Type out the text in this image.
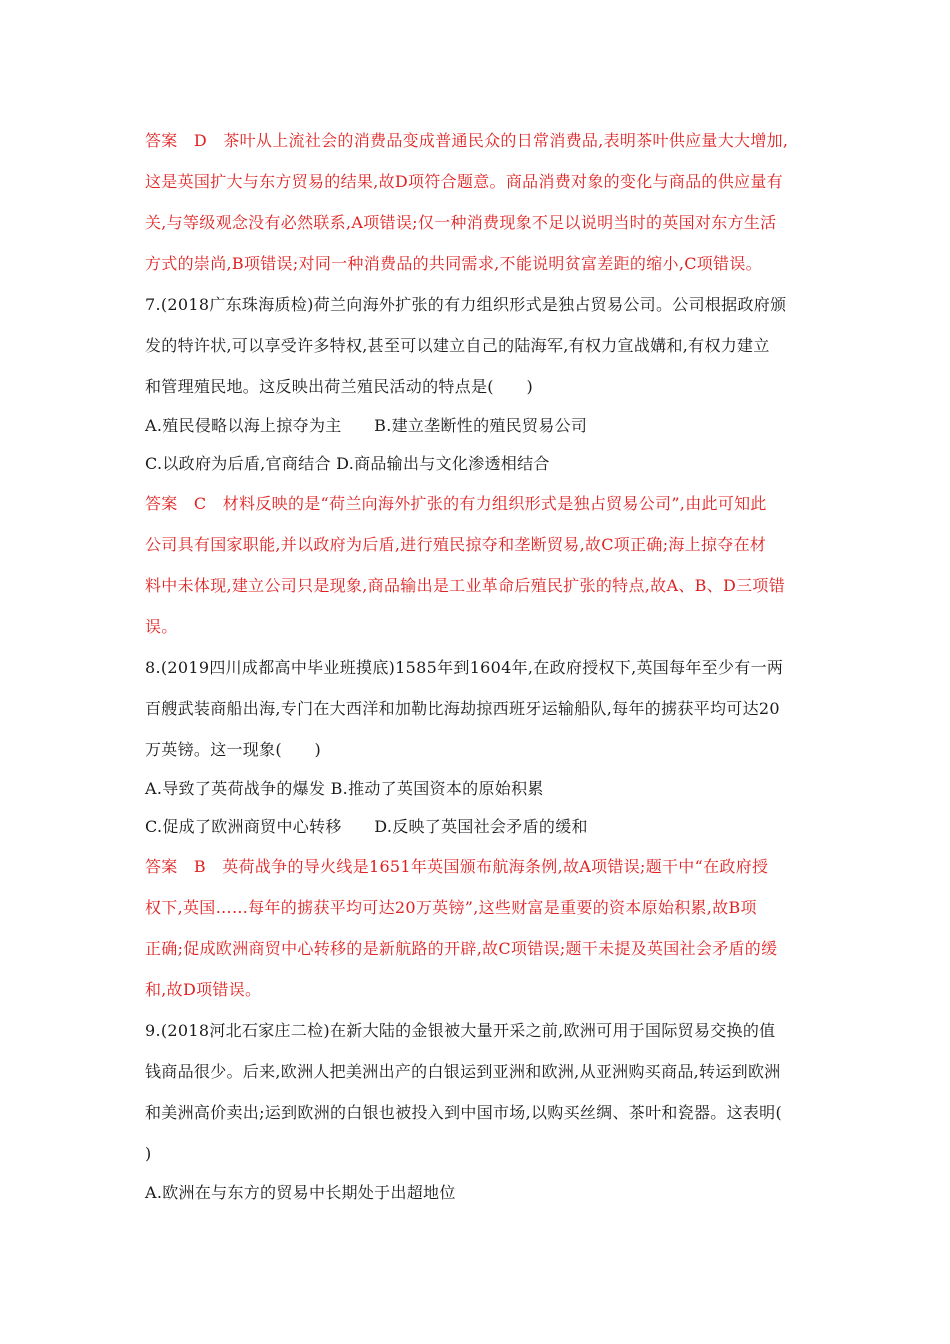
答案　D　茶叶从上流社会的消费品变成普通民众的日常消费品,表明茶叶供应量大大增加,
这是英国扩大与东方贸易的结果,故D项符合题意。商品消费对象的变化与商品的供应量有
关,与等级观念没有必然联系,A项错误;仅一种消费现象不足以说明当时的英国对东方生活
方式的崇尚,B项错误;对同一种消费品的共同需求,不能说明贫富差距的缩小,C项错误。
7.(2018广东珠海质检)荷兰向海外扩张的有力组织形式是独占贸易公司。公司根据政府颁
发的特许状,可以享受许多特权,甚至可以建立自己的陆海军,有权力宣战媾和,有权力建立
和管理殖民地。这反映出荷兰殖民活动的特点是(　　)
A.殖民侵略以海上掠夺为主　　B.建立垄断性的殖民贸易公司
C.以政府为后盾,官商结合 D.商品输出与文化渗透相结合
答案　C　材料反映的是“荷兰向海外扩张的有力组织形式是独占贸易公司”,由此可知此
公司具有国家职能,并以政府为后盾,进行殖民掠夺和垄断贸易,故C项正确;海上掠夺在材
料中未体现,建立公司只是现象,商品输出是工业革命后殖民扩张的特点,故A、B、D三项错
误。
8.(2019四川成都高中毕业班摸底)1585年到1604年,在政府授权下,英国每年至少有一两
百艘武装商船出海,专门在大西洋和加勒比海劫掠西班牙运输船队,每年的掳获平均可达20
万英镑。这一现象(　　)
A.导致了英荷战争的爆发 B.推动了英国资本的原始积累
C.促成了欧洲商贸中心转移　　D.反映了英国社会矛盾的缓和
答案　B　英荷战争的导火线是1651年英国颁布航海条例,故A项错误;题干中“在政府授
权下,英国……每年的掳获平均可达20万英镑”,这些财富是重要的资本原始积累,故B项
正确;促成欧洲商贸中心转移的是新航路的开辟,故C项错误;题干未提及英国社会矛盾的缓
和,故D项错误。
9.(2018河北石家庄二检)在新大陆的金银被大量开采之前,欧洲可用于国际贸易交换的值
钱商品很少。后来,欧洲人把美洲出产的白银运到亚洲和欧洲,从亚洲购买商品,转运到欧洲
和美洲高价卖出;运到欧洲的白银也被投入到中国市场,以购买丝绸、茶叶和瓷器。这表明(
)
A.欧洲在与东方的贸易中长期处于出超地位
